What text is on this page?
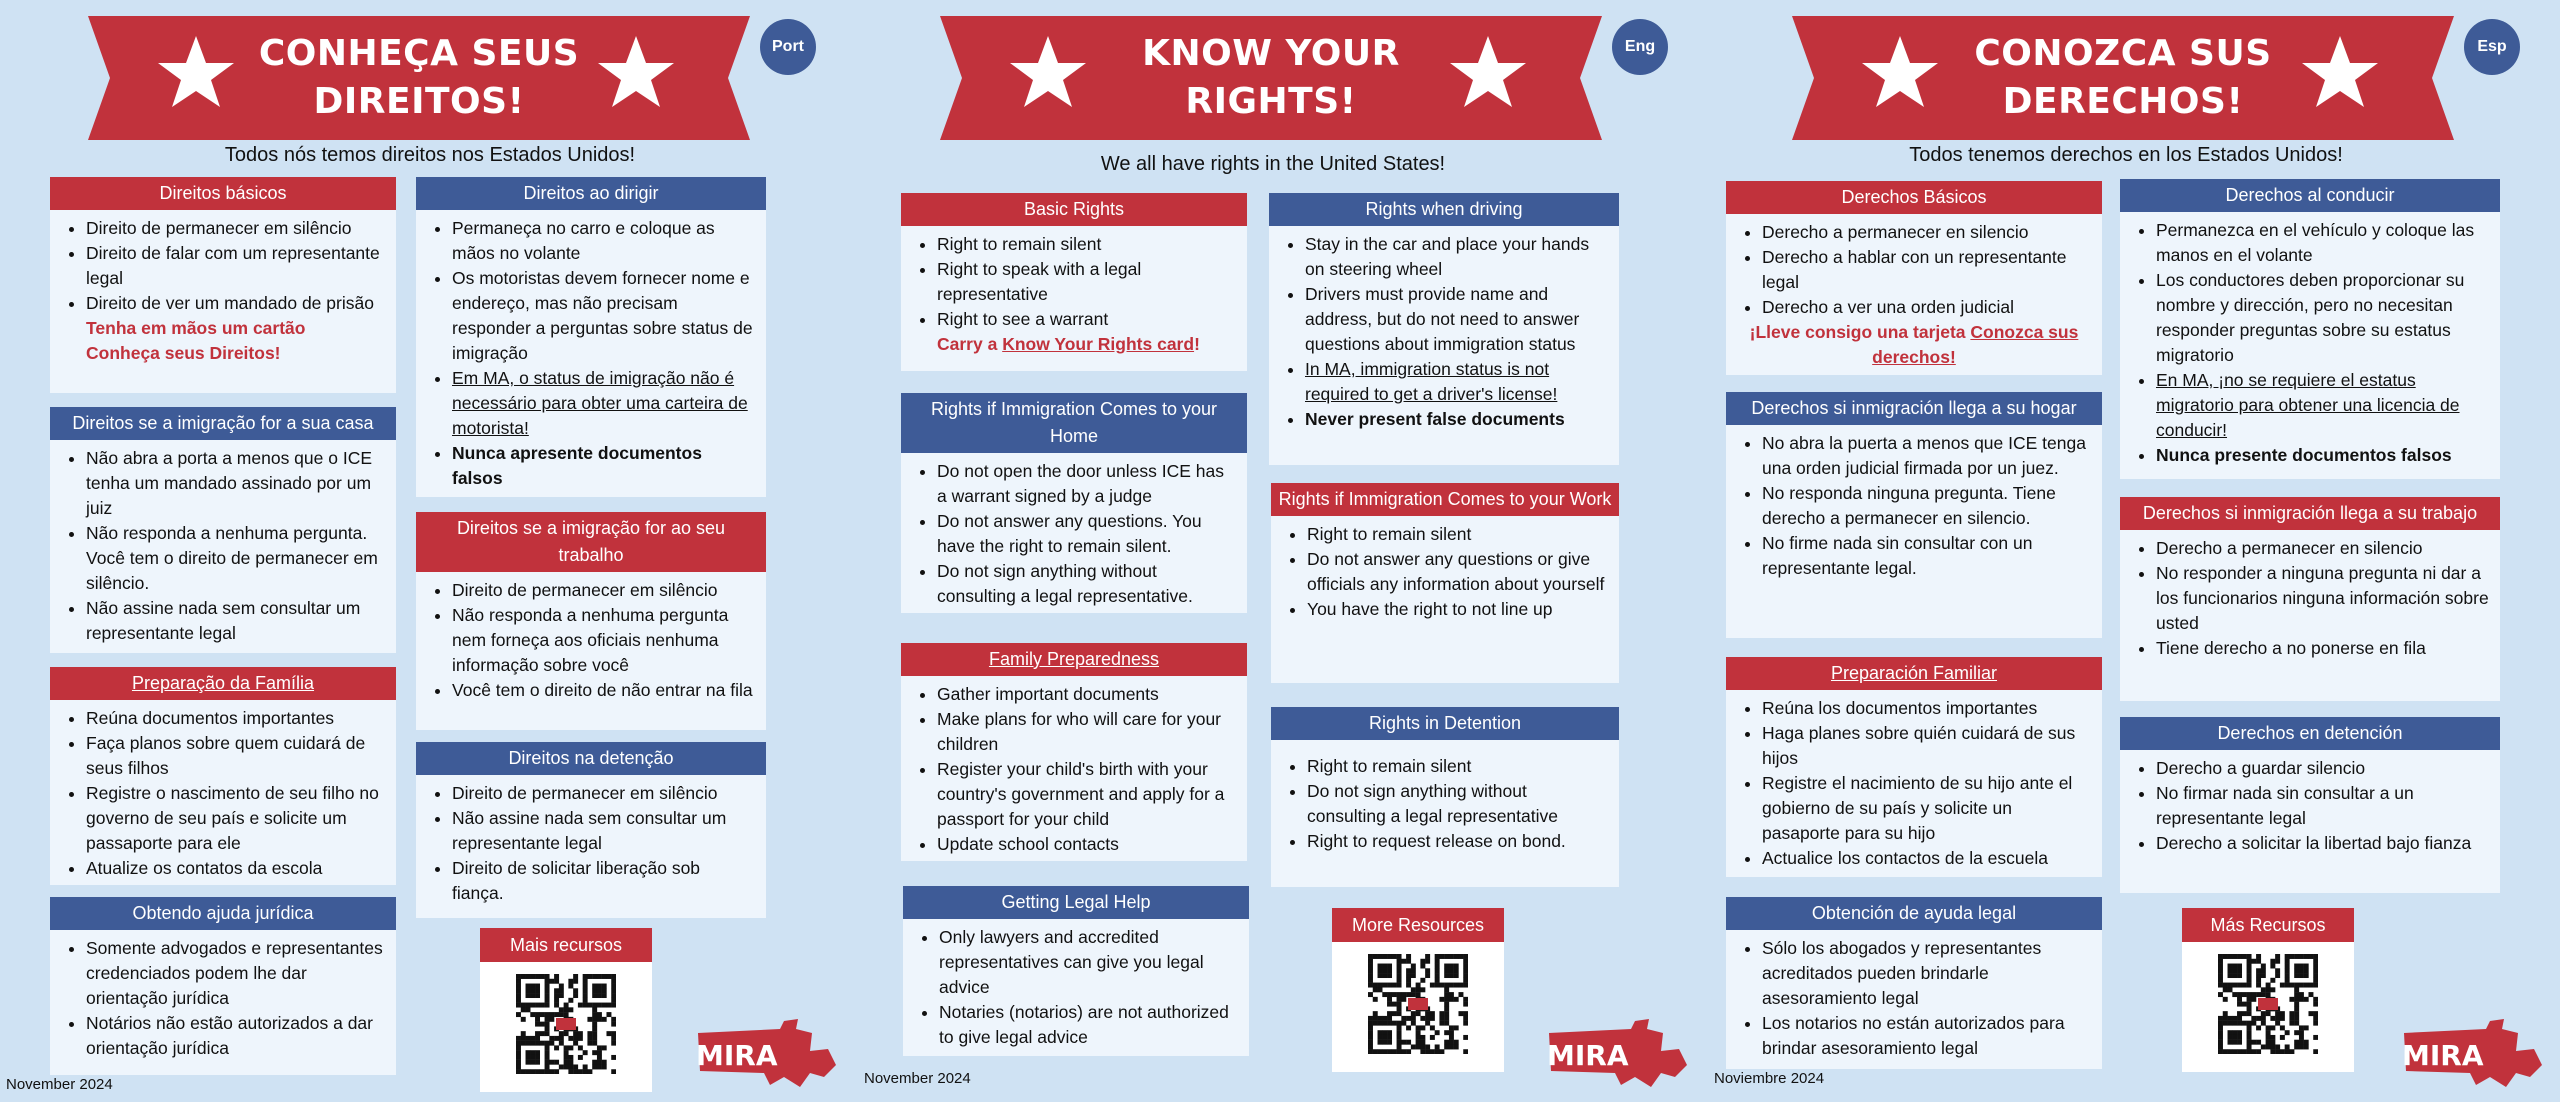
CONHEÇA SEUS
DIREITOS!
Port
Todos nós temos direitos nos Estados Unidos!
Direitos básicos
• Direito de permanecer em silêncio
• Direito de falar com um representante legal
• Direito de ver um mandado de prisão
Tenha em mãos um cartão Conheça seus Direitos!
Direitos se a imigração for a sua casa
• Não abra a porta a menos que o ICE tenha um mandado assinado por um juiz
• Não responda a nenhuma pergunta. Você tem o direito de permanecer em silêncio.
• Não assine nada sem consultar um representante legal
Preparação da Família
• Reúna documentos importantes
• Faça planos sobre quem cuidará de seus filhos
• Registre o nascimento de seu filho no governo de seu país e solicite um passaporte para ele
• Atualize os contatos da escola
Obtendo ajuda jurídica
• Somente advogados e representantes credenciados podem lhe dar orientação jurídica
• Notários não estão autorizados a dar orientação jurídica
Direitos ao dirigir
• Permaneça no carro e coloque as mãos no volante
• Os motoristas devem fornecer nome e endereço, mas não precisam responder a perguntas sobre status de imigração
• Em MA, o status de imigração não é necessário para obter uma carteira de motorista!
• Nunca apresente documentos falsos
Direitos se a imigração for ao seu trabalho
• Direito de permanecer em silêncio
• Não responda a nenhuma pergunta nem forneça aos oficiais nenhuma informação sobre você
• Você tem o direito de não entrar na fila
Direitos na detenção
• Direito de permanecer em silêncio
• Não assine nada sem consultar um representante legal
• Direito de solicitar liberação sob fiança.
Mais recursos
MIRA
November 2024
KNOW YOUR
RIGHTS!
Eng
We all have rights in the United States!
Basic Rights
• Right to remain silent
• Right to speak with a legal representative
• Right to see a warrant
Carry a Know Your Rights card!
Rights if Immigration Comes to your Home
• Do not open the door unless ICE has a warrant signed by a judge
• Do not answer any questions. You have the right to remain silent.
• Do not sign anything without consulting a legal representative.
Family Preparedness
• Gather important documents
• Make plans for who will care for your children
• Register your child's birth with your country's government and apply for a passport for your child
• Update school contacts
Getting Legal Help
• Only lawyers and accredited representatives can give you legal advice
• Notaries (notarios) are not authorized to give legal advice
Rights when driving
• Stay in the car and place your hands on steering wheel
• Drivers must provide name and address, but do not need to answer questions about immigration status
• In MA, immigration status is not required to get a driver's license!
• Never present false documents
Rights if Immigration Comes to your Work
• Right to remain silent
• Do not answer any questions or give officials any information about yourself
• You have the right to not line up
Rights in Detention
• Right to remain silent
• Do not sign anything without consulting a legal representative
• Right to request release on bond.
More Resources
MIRA
November 2024
CONOZCA SUS
DERECHOS!
Esp
Todos tenemos derechos en los Estados Unidos!
Derechos Básicos
• Derecho a permanecer en silencio
• Derecho a hablar con un representante legal
• Derecho a ver una orden judicial
¡Lleve consigo una tarjeta Conozca sus derechos!
Derechos si inmigración llega a su hogar
• No abra la puerta a menos que ICE tenga una orden judicial firmada por un juez.
• No responda ninguna pregunta. Tiene derecho a permanecer en silencio.
• No firme nada sin consultar con un representante legal.
Preparación Familiar
• Reúna los documentos importantes
• Haga planes sobre quién cuidará de sus hijos
• Registre el nacimiento de su hijo ante el gobierno de su país y solicite un pasaporte para su hijo
• Actualice los contactos de la escuela
Obtención de ayuda legal
• Sólo los abogados y representantes acreditados pueden brindarle asesoramiento legal
• Los notarios no están autorizados para brindar asesoramiento legal
Derechos al conducir
• Permanezca en el vehículo y coloque las manos en el volante
• Los conductores deben proporcionar su nombre y dirección, pero no necesitan responder preguntas sobre su estatus migratorio
• En MA, ¡no se requiere el estatus migratorio para obtener una licencia de conducir!
• Nunca presente documentos falsos
Derechos si inmigración llega a su trabajo
• Derecho a permanecer en silencio
• No responder a ninguna pregunta ni dar a los funcionarios ninguna información sobre usted
• Tiene derecho a no ponerse en fila
Derechos en detención
• Derecho a guardar silencio
• No firmar nada sin consultar a un representante legal
• Derecho a solicitar la libertad bajo fianza
Más Recursos
MIRA
Noviembre 2024
